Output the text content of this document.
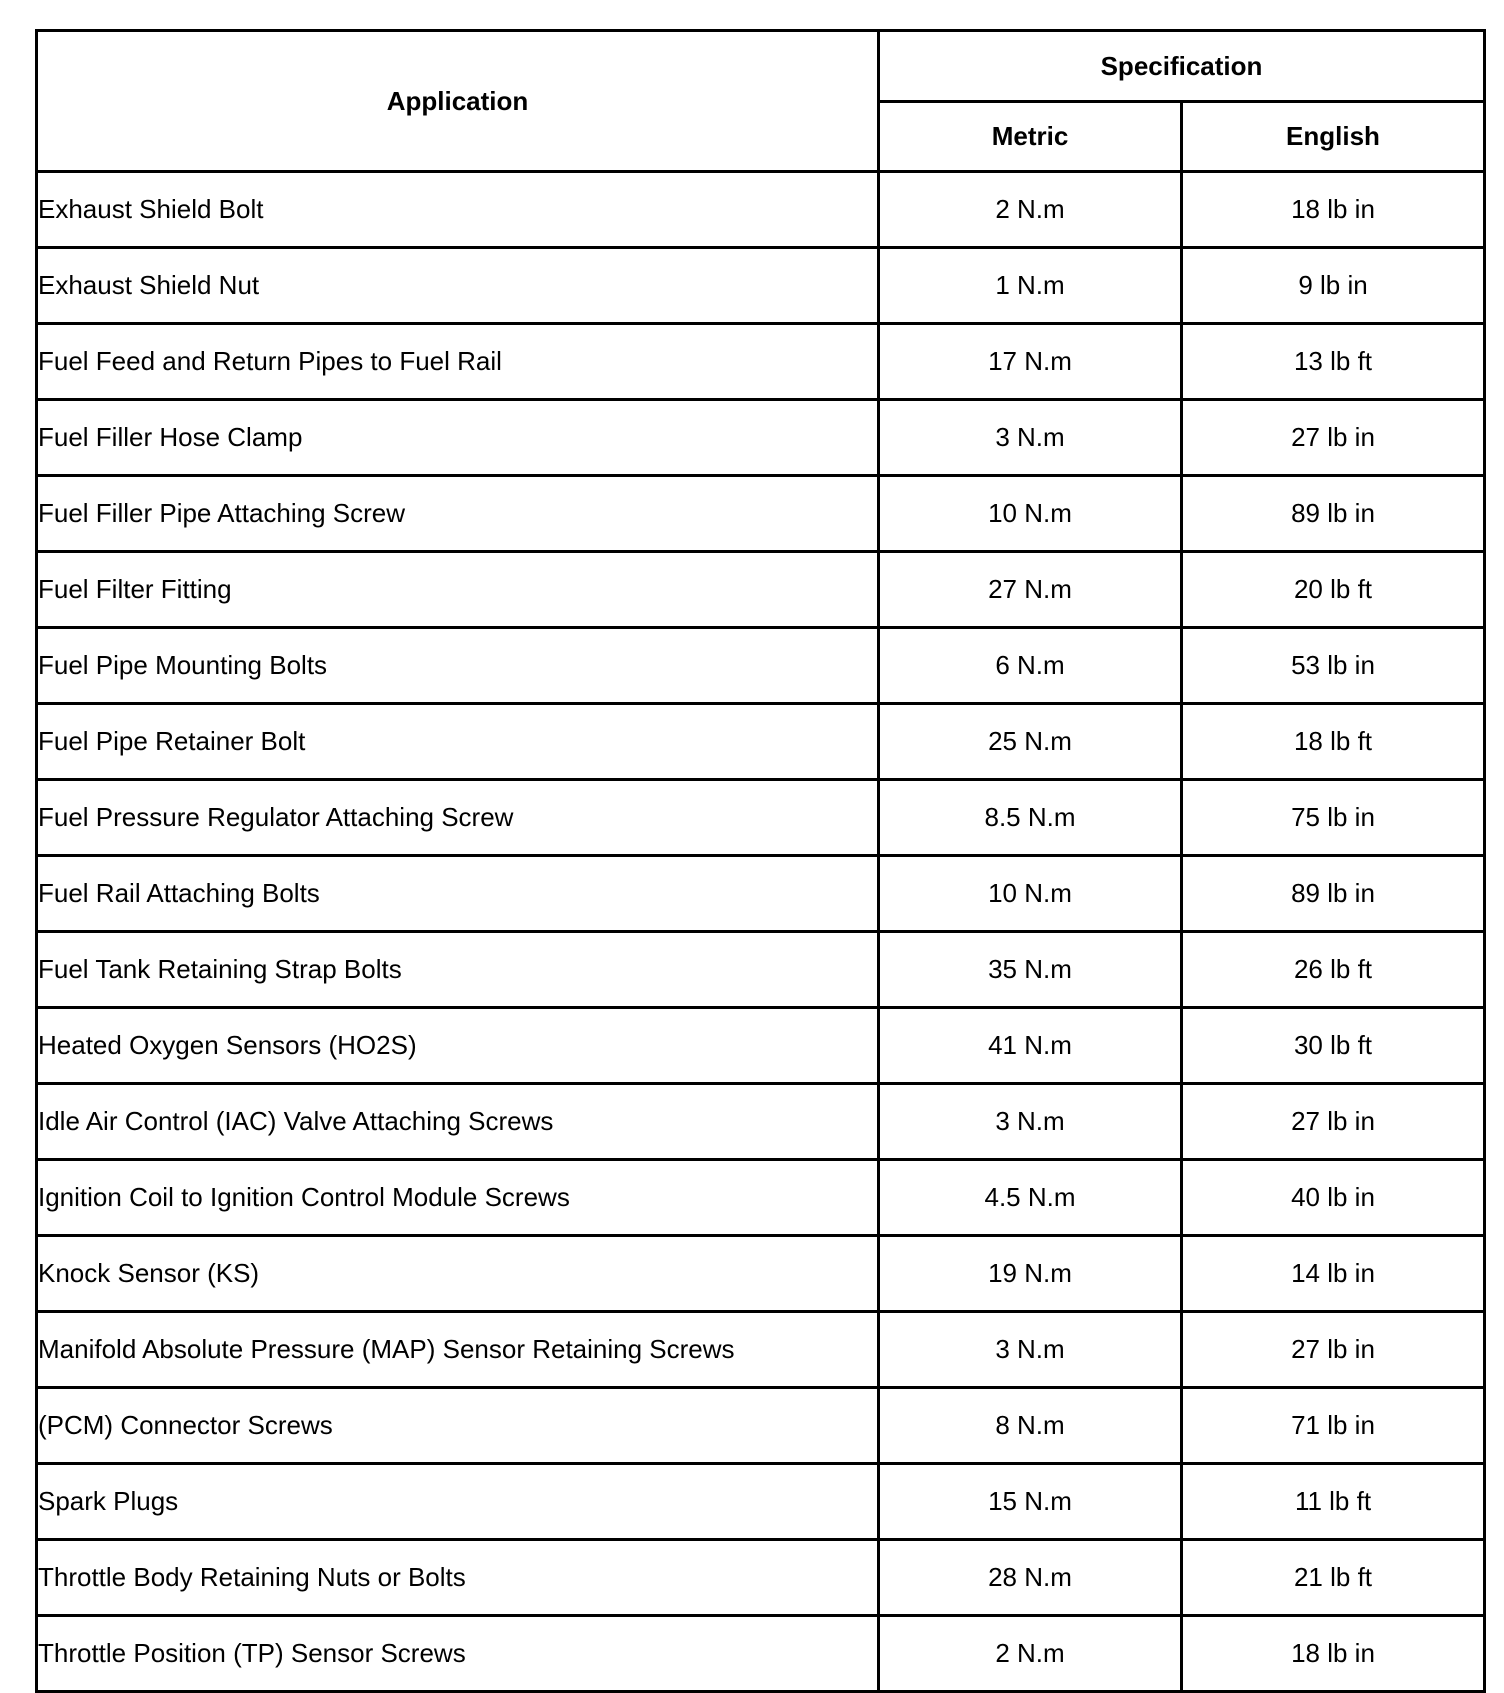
Application	Specification	
	Metric	English
Exhaust Shield Bolt	2 N.m	18 lb in
Exhaust Shield Nut	1 N.m	9 lb in
Fuel Feed and Return Pipes to Fuel Rail	17 N.m	13 lb ft
Fuel Filler Hose Clamp	3 N.m	27 lb in
Fuel Filler Pipe Attaching Screw	10 N.m	89 lb in
Fuel Filter Fitting	27 N.m	20 lb ft
Fuel Pipe Mounting Bolts	6 N.m	53 lb in
Fuel Pipe Retainer Bolt	25 N.m	18 lb ft
Fuel Pressure Regulator Attaching Screw	8.5 N.m	75 lb in
Fuel Rail Attaching Bolts	10 N.m	89 lb in
Fuel Tank Retaining Strap Bolts	35 N.m	26 lb ft
Heated Oxygen Sensors (HO2S)	41 N.m	30 lb ft
Idle Air Control (IAC) Valve Attaching Screws	3 N.m	27 lb in
Ignition Coil to Ignition Control Module Screws	4.5 N.m	40 lb in
Knock Sensor (KS)	19 N.m	14 lb in
Manifold Absolute Pressure (MAP) Sensor Retaining Screws	3 N.m	27 lb in
(PCM) Connector Screws	8 N.m	71 lb in
Spark Plugs	15 N.m	11 lb ft
Throttle Body Retaining Nuts or Bolts	28 N.m	21 lb ft
Throttle Position (TP) Sensor Screws	2 N.m	18 lb in
